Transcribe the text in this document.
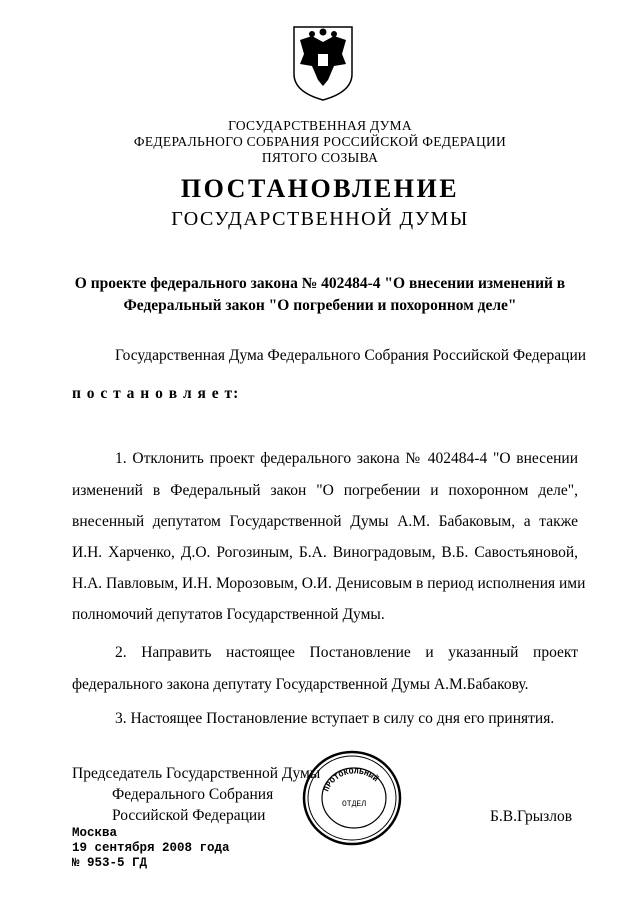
ГОСУДАРСТВЕННАЯ ДУМА
ФЕДЕРАЛЬНОГО СОБРАНИЯ РОССИЙСКОЙ ФЕДЕРАЦИИ
ПЯТОГО СОЗЫВА
ПОСТАНОВЛЕНИЕ
ГОСУДАРСТВЕННОЙ ДУМЫ
О проекте федерального закона № 402484-4 "О внесении изменений в
Федеральный закон "О погребении и похоронном деле"
Государственная Дума Федерального Собрания Российской Федерации
п о с т а н о в л я е т:
1. Отклонить проект федерального закона № 402484-4 "О внесении
изменений в Федеральный закон "О погребении и похоронном деле",
внесенный депутатом Государственной Думы А.М. Бабаковым, а также
И.Н. Харченко, Д.О. Рогозиным, Б.А. Виноградовым, В.Б. Савостьяновой,
Н.А. Павловым, И.Н. Морозовым, О.И. Денисовым в период исполнения ими
полномочий депутатов Государственной Думы.
2. Направить настоящее Постановление и указанный проект
федерального закона депутату Государственной Думы А.М.Бабакову.
3. Настоящее Постановление вступает в силу со дня его принятия.
Председатель Государственной Думы
Федерального Собрания
Российской Федерации	Б.В.Грызлов
ПРОТОКОЛЬНЫЙ
ОТДЕЛ
Москва
19 сентября 2008 года
№ 953-5 ГД
